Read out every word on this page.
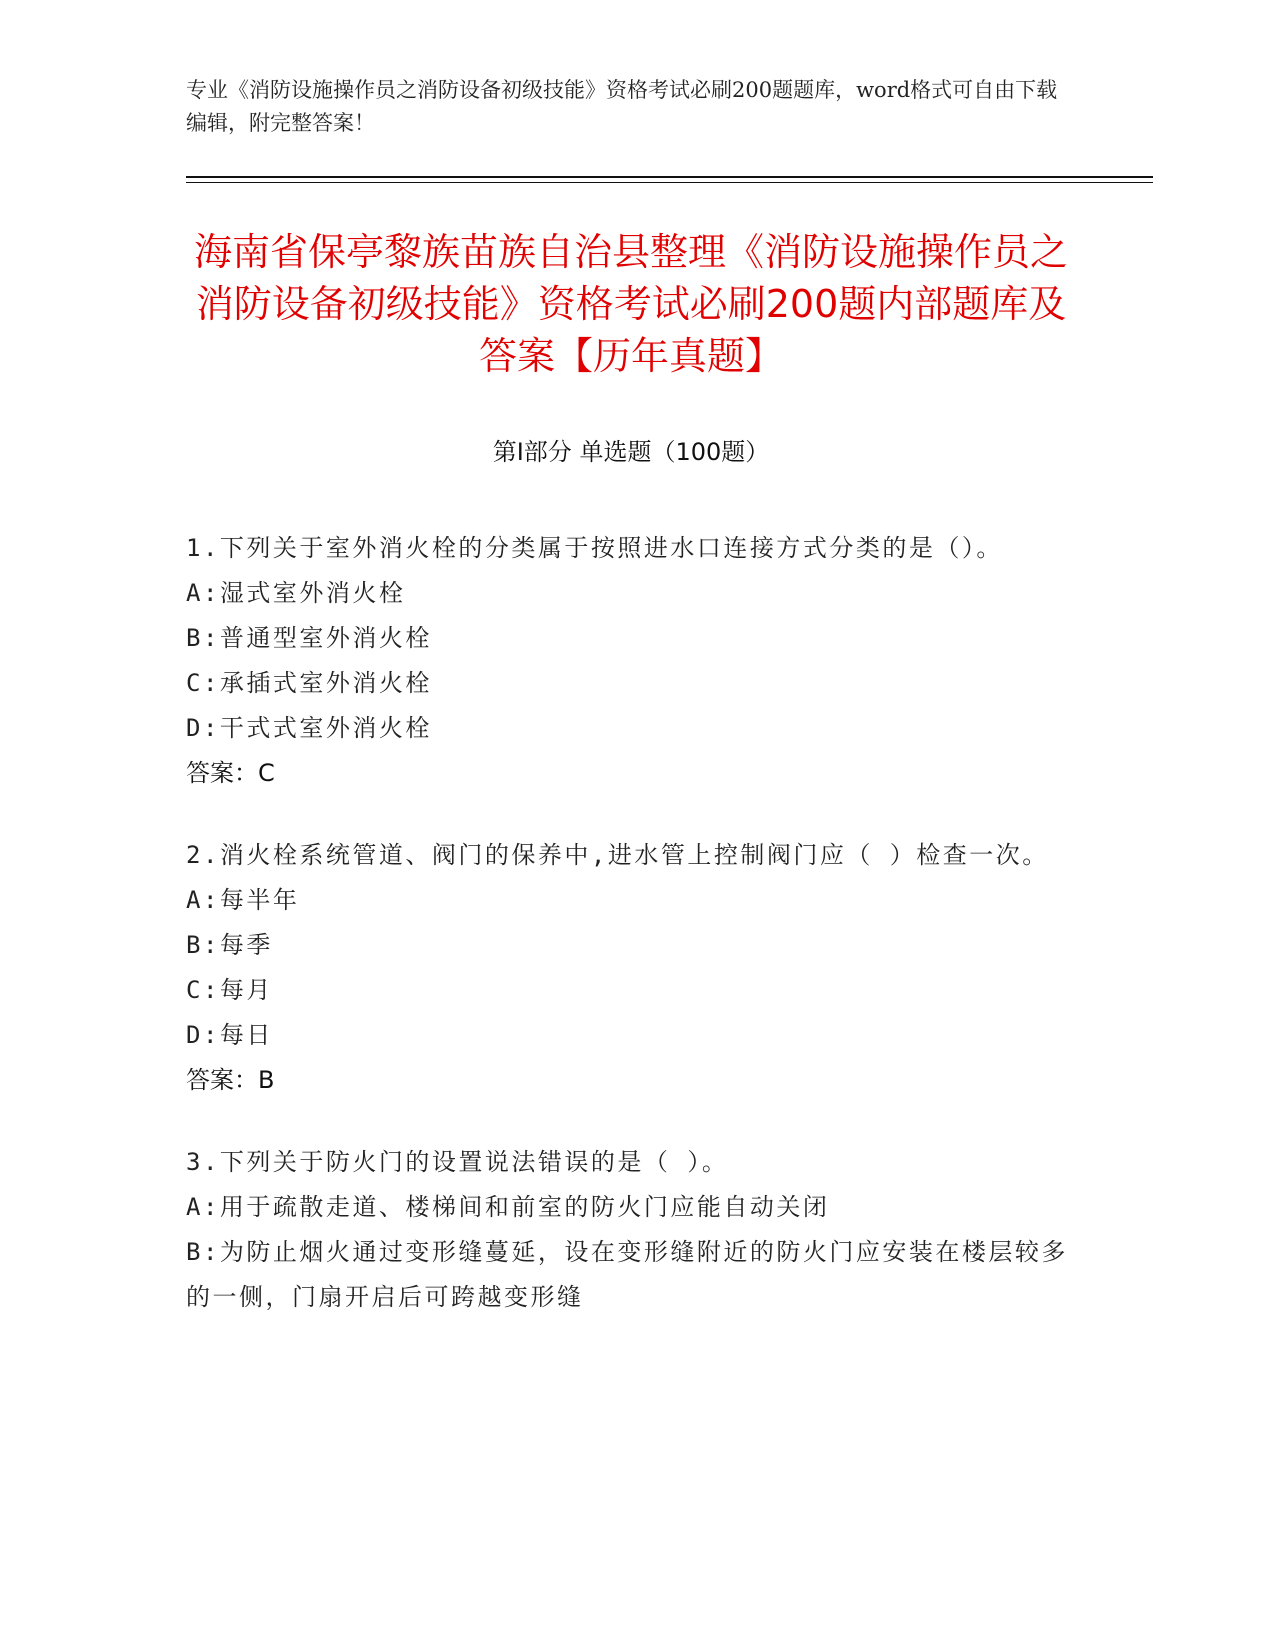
专业《消防设施操作员之消防设备初级技能》资格考试必刷200题题库，word格式可自由下载编辑，附完整答案！
海南省保亭黎族苗族自治县整理《消防设施操作员之消防设备初级技能》资格考试必刷200题内部题库及答案【历年真题】
第Ⅰ部分 单选题（100题）
1.下列关于室外消火栓的分类属于按照进水口连接方式分类的是（）。
A:湿式室外消火栓
B:普通型室外消火栓
C:承插式室外消火栓
D:干式式室外消火栓
答案：C
2.消火栓系统管道、阀门的保养中,进水管上控制阀门应（ ）检查一次。
A:每半年
B:每季
C:每月
D:每日
答案：B
3.下列关于防火门的设置说法错误的是（ ）。
A:用于疏散走道、楼梯间和前室的防火门应能自动关闭
B:为防止烟火通过变形缝蔓延，设在变形缝附近的防火门应安装在楼层较多的一侧，门扇开启后可跨越变形缝
